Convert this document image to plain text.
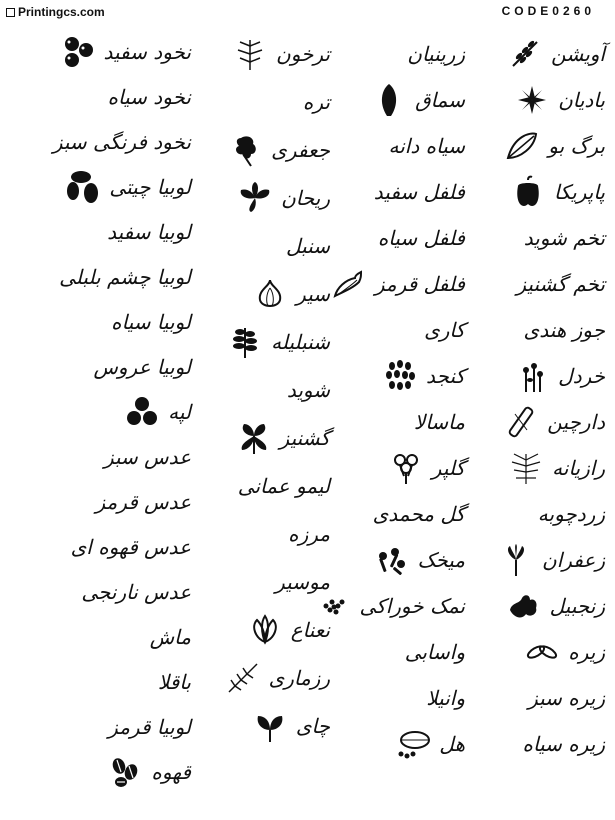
Printingcs.com	CODE0260
آویشن
بادیان
برگ بو
پاپریکا
تخم شوید
تخم گشنیز
جوز هندی
خردل
دارچین
رازیانه
زردچوبه
زعفران
زنجبیل
زیره
زیره سبز
زیره سیاه
زرینیان
سماق
سیاه دانه
فلفل سفید
فلفل سیاه
فلفل قرمز
کاری
کنجد
ماسالا
گلپر
گل محمدی
میخک
نمک خوراکی
واسابی
وانیلا
هل
ترخون
تره
جعفری
ریحان
سنبل
سیر
شنبلیله
شوید
گشنیز
لیمو عمانی
مرزه
موسیر
نعناع
رزماری
چای
نخود سفید
نخود سیاه
نخود فرنگی سبز
لوبیا چیتی
لوبیا سفید
لوبیا چشم بلبلی
لوبیا سیاه
لوبیا عروس
لپه
عدس سبز
عدس قرمز
عدس قهوه ای
عدس نارنجی
ماش
باقلا
لوبیا قرمز
قهوه
